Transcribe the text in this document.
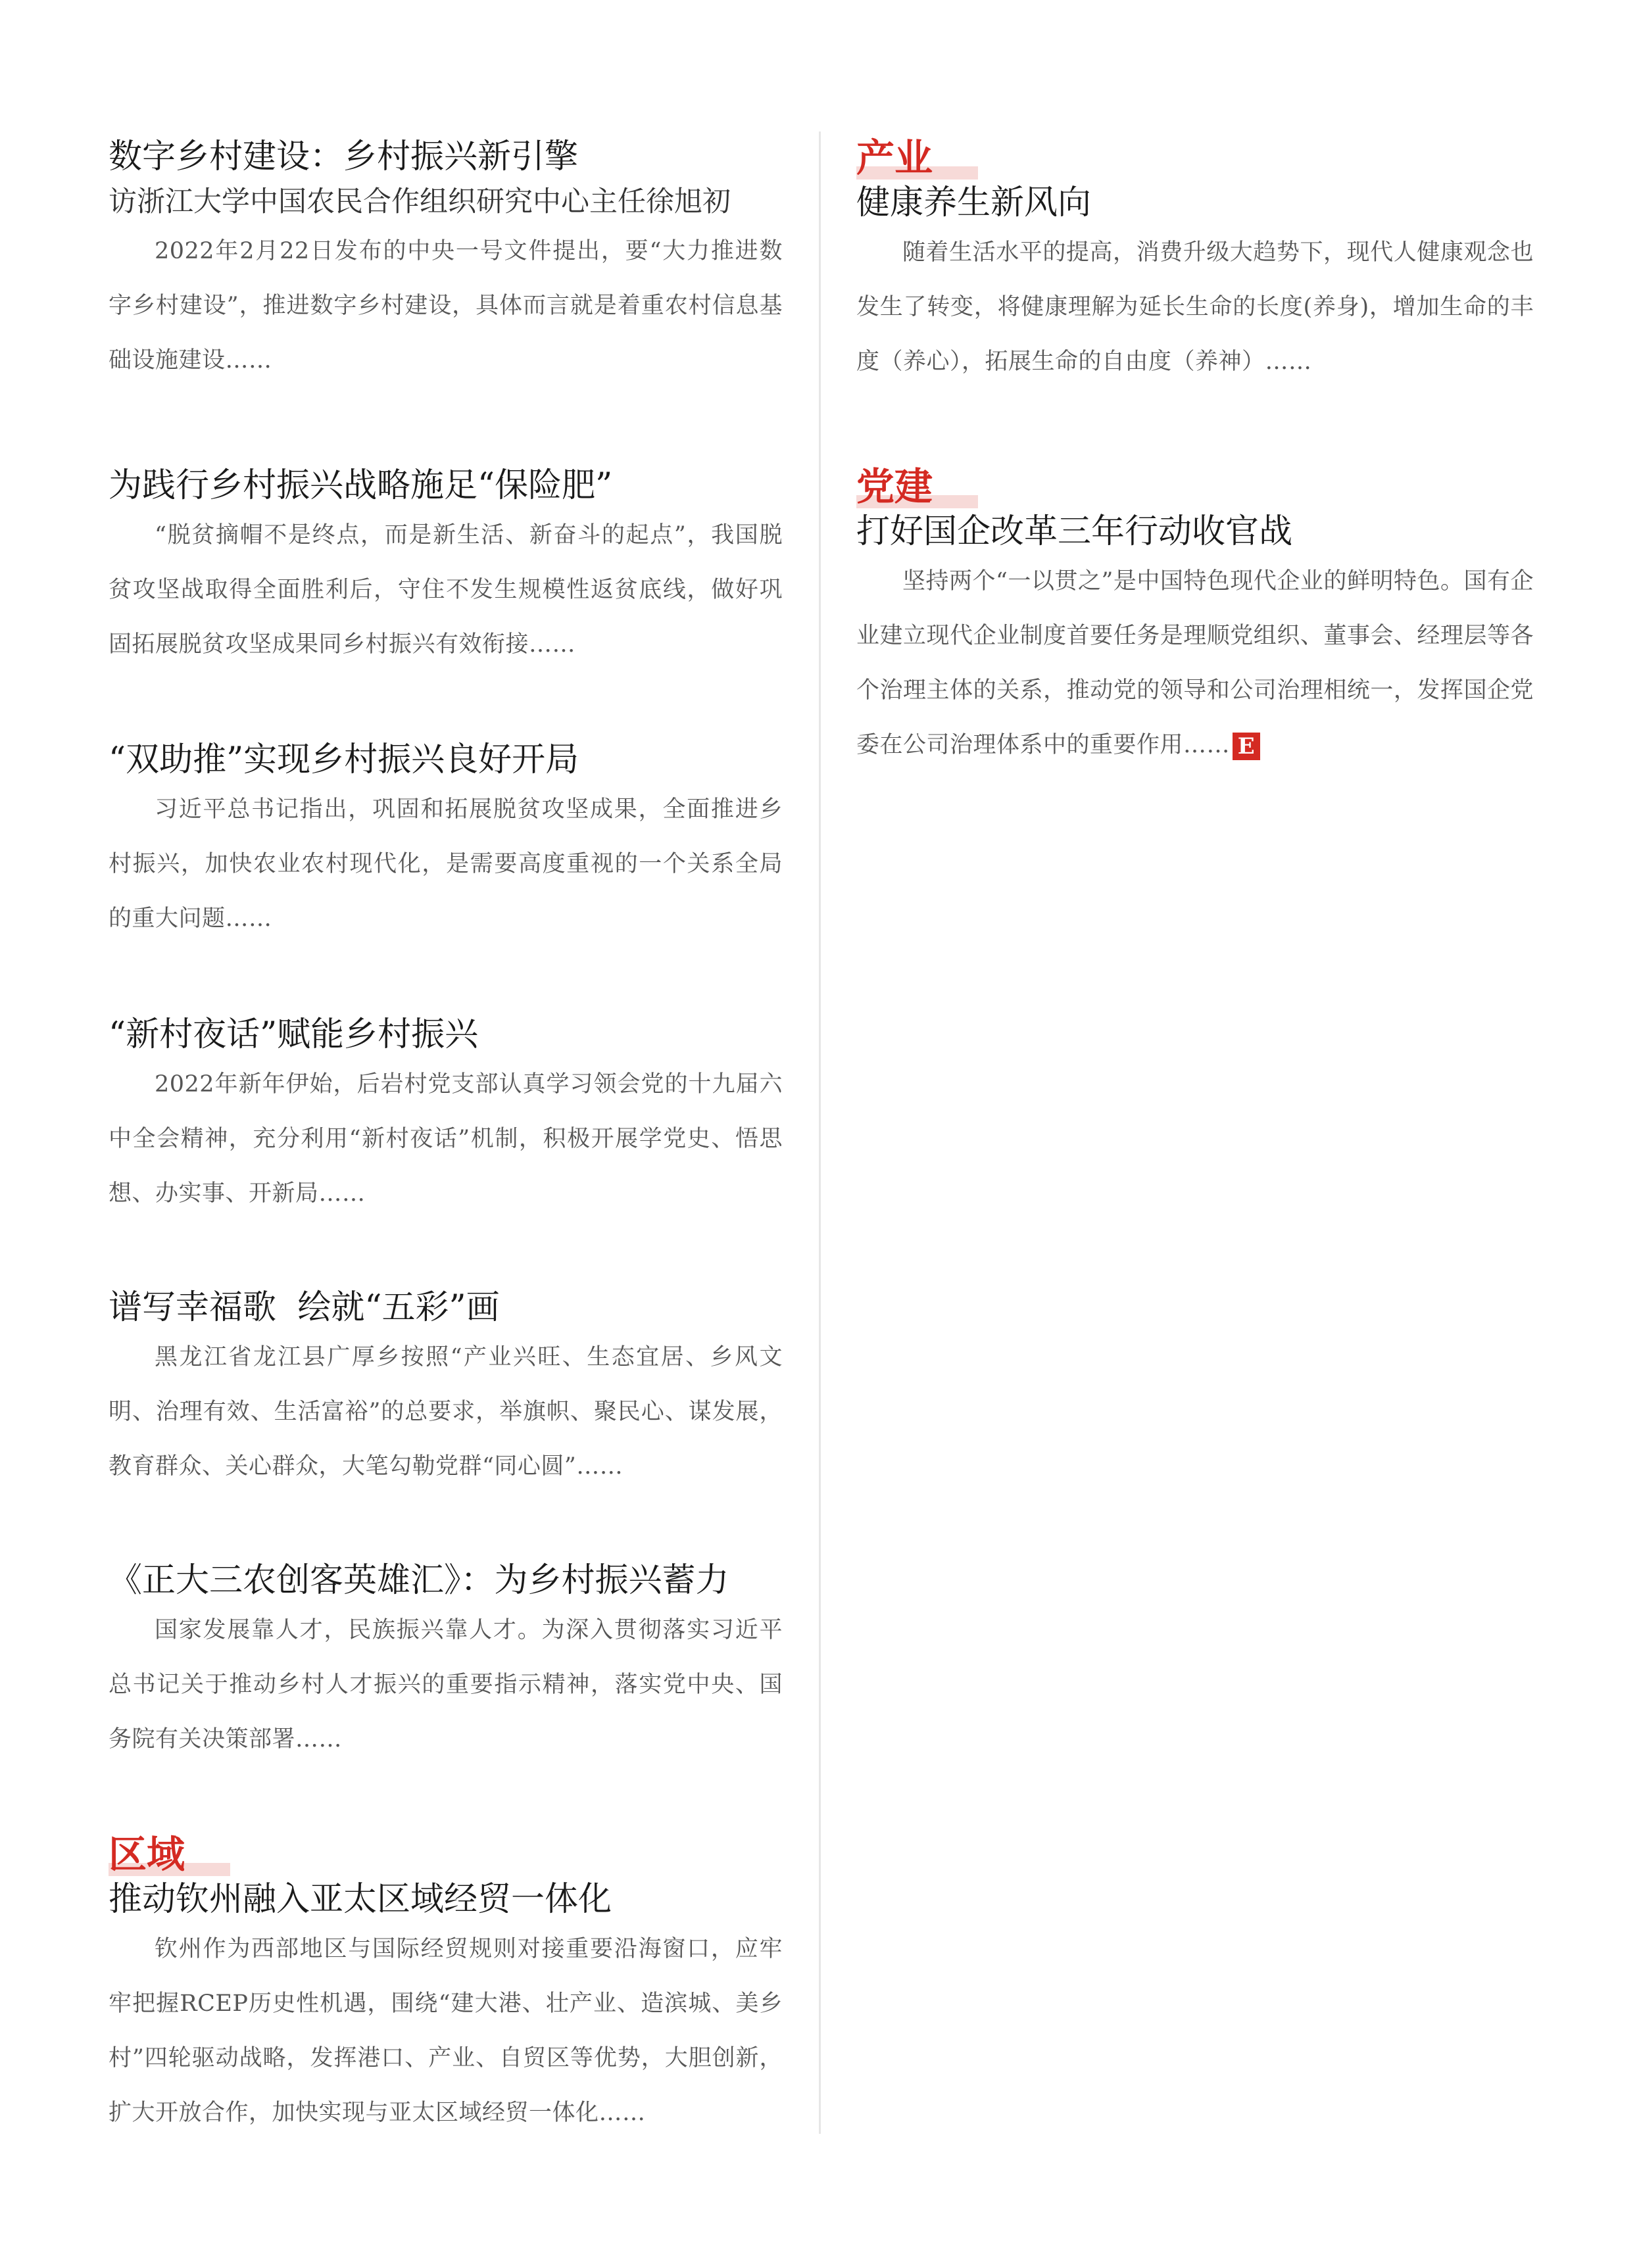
数字乡村建设：乡村振兴新引擎

访浙江大学中国农民合作组织研究中心主任徐旭初

2022年2月22日发布的中央一号文件提出，要“大力推进数字乡村建设”，推进数字乡村建设，具体而言就是着重农村信息基础设施建设……

为践行乡村振兴战略施足“保险肥”

“脱贫摘帽不是终点，而是新生活、新奋斗的起点”，我国脱贫攻坚战取得全面胜利后，守住不发生规模性返贫底线，做好巩固拓展脱贫攻坚成果同乡村振兴有效衔接……

“双助推”实现乡村振兴良好开局

习近平总书记指出，巩固和拓展脱贫攻坚成果，全面推进乡村振兴，加快农业农村现代化，是需要高度重视的一个关系全局的重大问题……

“新村夜话”赋能乡村振兴

2022年新年伊始，后岩村党支部认真学习领会党的十九届六中全会精神，充分利用“新村夜话”机制，积极开展学党史、悟思想、办实事、开新局……

谱写幸福歌  绘就“五彩”画

黑龙江省龙江县广厚乡按照“产业兴旺、生态宜居、乡风文明、治理有效、生活富裕”的总要求，举旗帜、聚民心、谋发展，教育群众、关心群众，大笔勾勒党群“同心圆”……

《正大三农创客英雄汇》：为乡村振兴蓄力

国家发展靠人才，民族振兴靠人才。为深入贯彻落实习近平总书记关于推动乡村人才振兴的重要指示精神，落实党中央、国务院有关决策部署……

区域

推动钦州融入亚太区域经贸一体化

钦州作为西部地区与国际经贸规则对接重要沿海窗口，应牢牢把握RCEP历史性机遇，围绕“建大港、壮产业、造滨城、美乡村”四轮驱动战略，发挥港口、产业、自贸区等优势，大胆创新，扩大开放合作，加快实现与亚太区域经贸一体化……

产业

健康养生新风向

随着生活水平的提高，消费升级大趋势下，现代人健康观念也发生了转变，将健康理解为延长生命的长度(养身)，增加生命的丰度（养心），拓展生命的自由度（养神）……

党建

打好国企改革三年行动收官战

坚持两个“一以贯之”是中国特色现代企业的鲜明特色。国有企业建立现代企业制度首要任务是理顺党组织、董事会、经理层等各个治理主体的关系，推动党的领导和公司治理相统一，发挥国企党委在公司治理体系中的重要作用…… E
